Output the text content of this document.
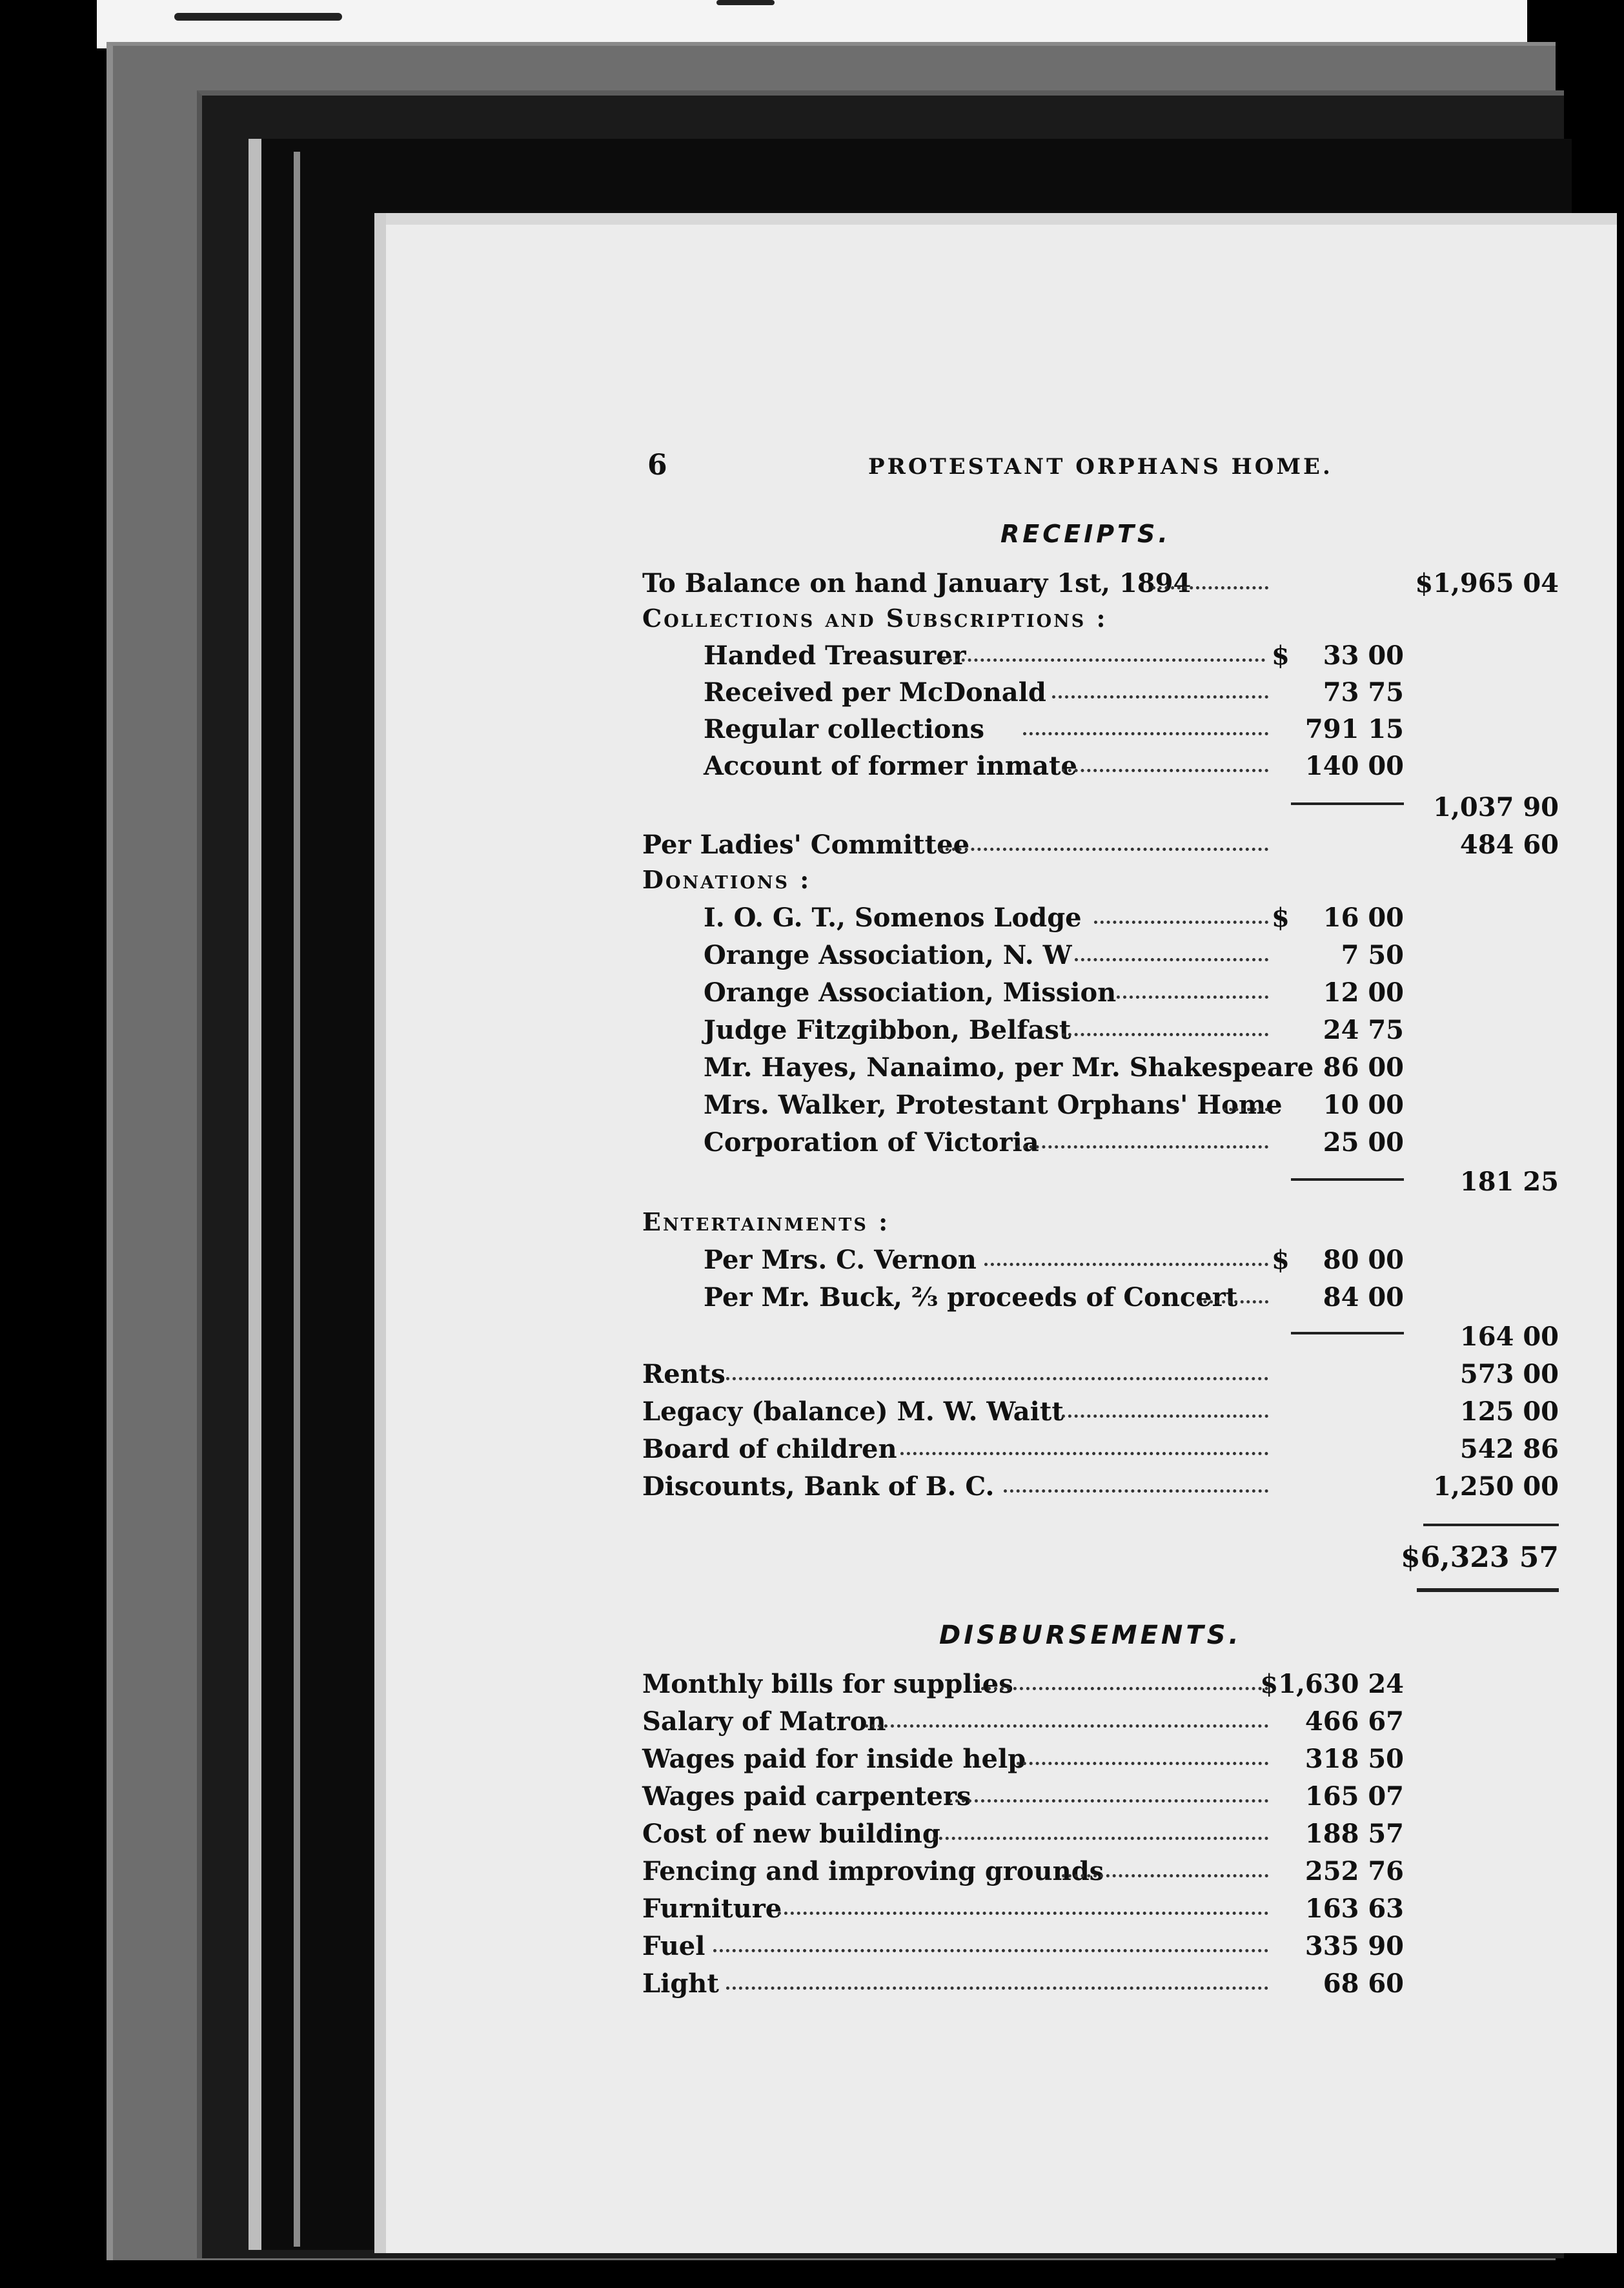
6	PROTESTANT ORPHANS HOME.
RECEIPTS.
To Balance on hand January 1st, 1894	$1,965 04
Collections and Subscriptions :
Handed Treasurer	$ 33 00
Received per McDonald	73 75
Regular collections	791 15
Account of former inmate	140 00
1,037 90
Per Ladies' Committee	484 60
Donations :
I. O. G. T., Somenos Lodge	$ 16 00
Orange Association, N. W	7 50
Orange Association, Mission	12 00
Judge Fitzgibbon, Belfast	24 75
Mr. Hayes, Nanaimo, per Mr. Shakespeare 86 00
Mrs. Walker, Protestant Orphans' Home 10 00
Corporation of Victoria	25 00
181 25
Entertainments :
Per Mrs. C. Vernon	$ 80 00
Per Mr. Buck, ⅔ proceeds of Concert	84 00
164 00
Rents	573 00
Legacy (balance) M. W. Waitt	125 00
Board of children	542 86
Discounts, Bank of B. C.	1,250 00
$6,323 57
DISBURSEMENTS.
Monthly bills for supplies	$1,630 24
Salary of Matron	466 67
Wages paid for inside help	318 50
Wages paid carpenters	165 07
Cost of new building	188 57
Fencing and improving grounds	252 76
Furniture	163 63
Fuel	335 90
Light	68 60
